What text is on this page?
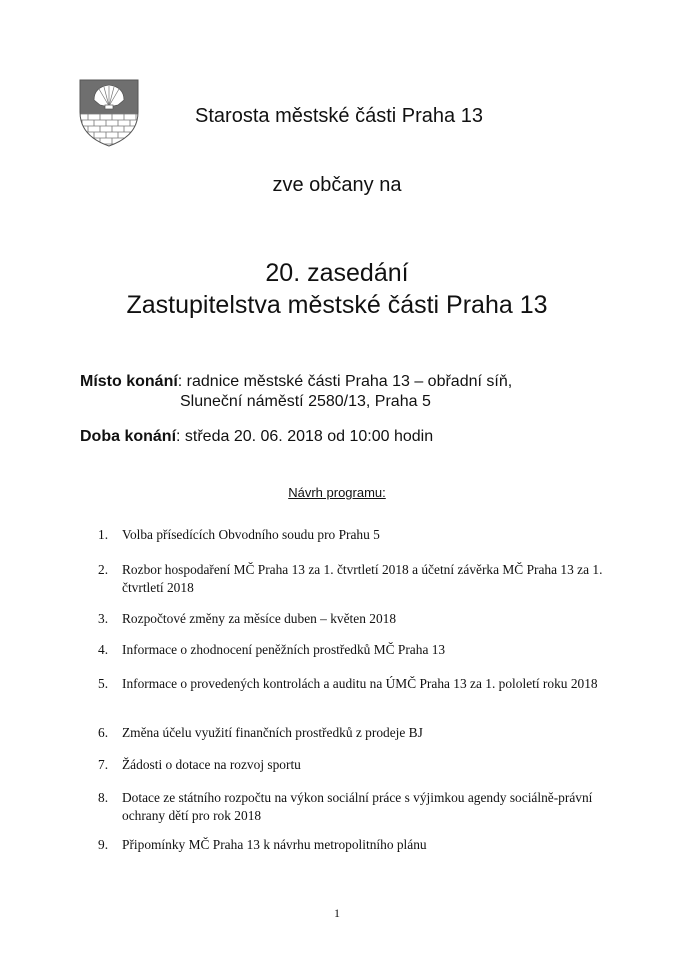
Starosta městské části Praha 13
zve občany na
20. zasedání
Zastupitelstva městské části Praha 13
Místo konání: radnice městské části Praha 13 – obřadní síň,
Sluneční náměstí 2580/13, Praha 5
Doba konání: středa 20. 06. 2018 od 10:00 hodin
Návrh programu:
1. Volba přísedících Obvodního soudu pro Prahu 5
2. Rozbor hospodaření MČ Praha 13 za 1. čtvrtletí 2018 a účetní závěrka MČ Praha 13 za 1. čtvrtletí 2018
3. Rozpočtové změny za měsíce duben – květen 2018
4. Informace o zhodnocení peněžních prostředků MČ Praha 13
5. Informace o provedených kontrolách a auditu na ÚMČ Praha 13 za 1. pololetí roku 2018
6. Změna účelu využití finančních prostředků z prodeje BJ
7. Žádosti o dotace na rozvoj sportu
8. Dotace ze státního rozpočtu na výkon sociální práce s výjimkou agendy sociálně-právní ochrany dětí pro rok 2018
9. Připomínky MČ Praha 13 k návrhu metropolitního plánu
1
